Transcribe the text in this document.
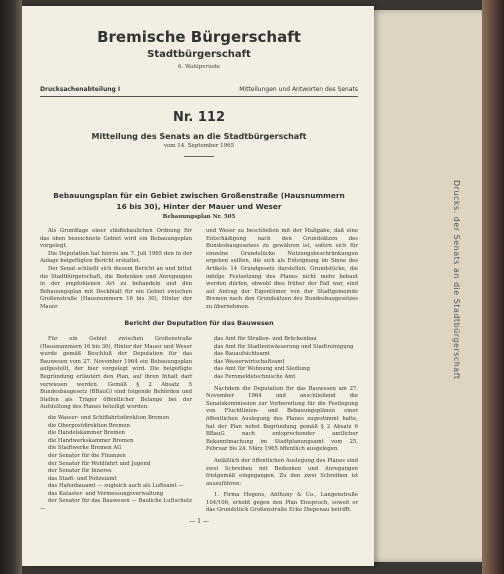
Drucks. der Senats an die Stadtbürgerschaft
Bremische Bürgerschaft
Stadtbürgerschaft
6. Wahlperiode
Drucksachenabteilung I	Mitteilungen und Antworten des Senats
Nr. 112
Mitteilung des Senats an die Stadtbürgerschaft
vom 14. September 1965
Bebauungsplan für ein Gebiet zwischen Großenstraße (Hausnummern 16 bis 30), Hinter der Mauer und Weser
Bebauungsplan Nr. 505

Als Grundlage einer städtebaulichen Ordnung für das oben bezeichnete Gebiet wird ein Bebauungsplan vorgelegt.

Die Deputation hat hierzu am 7. Juli 1965 den in der Anlage beigefügten Bericht erstattet.

Der Senat schließt sich diesem Bericht an und bittet die Stadtbürgerschaft, die Bedenken und Anregungen in der empfohlenen Art zu behandeln und den Bebauungsplan mit Deckblatt für ein Gebiet zwischen Großenstraße (Hausnummern 16 bis 30), Hinter der Mauer

und Weser zu beschließen mit der Maßgabe, daß eine Entschädigung nach den Grundsätzen des Bundesbaugesetzes zu gewähren ist, sofern sich für einzelne Grundstücke Nutzungsbeschränkungen ergeben sollten, die sich als Enteignung im Sinne des Artikels 14 Grundgesetz darstellen. Grundstücke, die infolge Festsetzung des Planes nicht mehr bebaut werden dürfen, obwohl dies früher der Fall war, sind auf Antrag der Eigentümer von der Stadtgemeinde Bremen nach den Grundsätzen des Bundesbaugesetzes zu übernehmen.

Bericht der Deputation für das Bauwesen

Für ein Gebiet zwischen Großenstraße (Hausnummern 16 bis 30), Hinter der Mauer und Weser wurde gemäß Beschluß der Deputation für das Bauwesen vom 27. November 1964 ein Bebauungsplan aufgestellt, der hier vorgelegt wird. Die beigefügte Begründung erläutert den Plan, auf ihren Inhalt darf verwiesen werden. Gemäß § 2 Absatz 5 Bundesbaugesetz (BBauG) sind folgende Behörden und Stellen als Träger öffentlicher Belange bei der Aufstellung des Planes beteiligt worden:

die Wasser- und Schiffahrtsdirektion Bremen

die Oberpostdirektion Bremen

die Handelskammer Bremen

die Handwerkskammer Bremen

die Stadtwerke Bremen AG

der Senator für die Finanzen

der Senator für Wohlfahrt und Jugend

der Senator für Inneres

das Stadt- und Polizeiamt

das Hafenbauamt — zugleich auch als Lufteamt —

das Kataster- und Vermessungsverwaltung

der Senator für das Bauwesen — Bauliche Luftschutz—

das Amt für Straßen- und Brückenbau

das Amt für Stadtentwässerung und Stadtreinigung

das Bauaufsichtsamt

das Wasserwirtschaftsamt

das Amt für Wohnung und Siedlung

das Fernmeldetechnische Amt

Nachdem die Deputation für das Bauwesen am 27. November 1964 und anschließend die Senatskommission zur Vorbereitung für die Festlegung von Fluchtlinien- und Bebauungsplänen einer öffentlichen Auslegung des Planes zugestimmt hatte, hat der Plan nebst Begründung gemäß § 2 Absatz 6 BBauG nach entsprechender amtlicher Bekanntmachung im Stadtplanungsamt vom 25. Februar bis 24. März 1965 öffentlich ausgelegen.

Anläßlich der öffentlichen Auslegung des Planes sind zwei Schreiben mit Bedenken und Anregungen fristgemäß eingegangen. Zu den zwei Schreiben ist auszuführen:

1. Firma Hegens, Anthony & Co., Langenstraße 104/106, erhebt gegen den Plan Einspruch, soweit er das Grundstück Großenstraße Ecke Diepenau betrifft.

— 1 —
